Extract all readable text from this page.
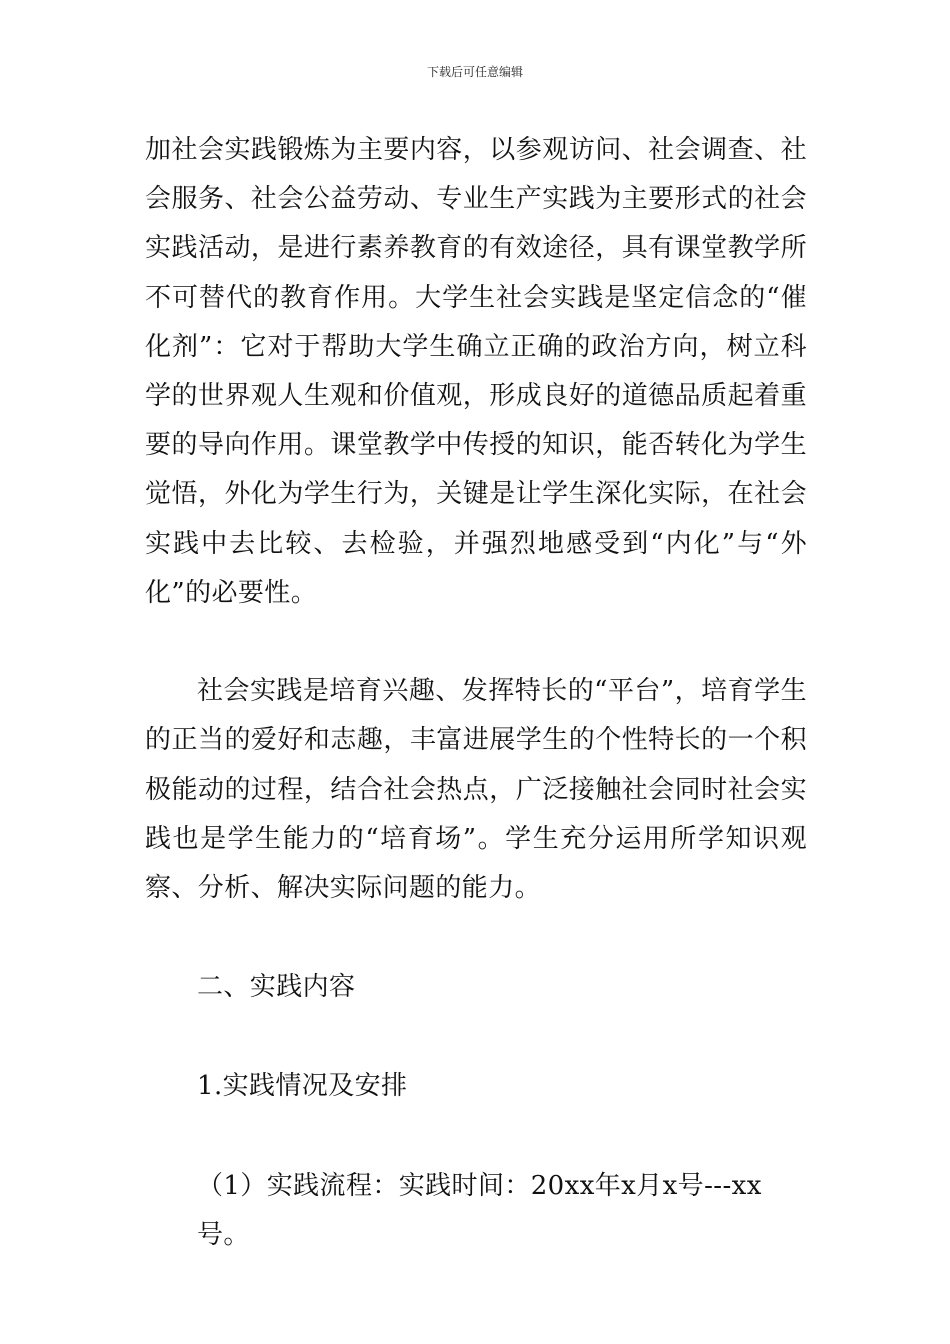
下载后可任意编辑

加社会实践锻炼为主要内容，以参观访问、社会调查、社会服务、社会公益劳动、专业生产实践为主要形式的社会实践活动，是进行素养教育的有效途径，具有课堂教学所不可替代的教育作用。大学生社会实践是坚定信念的“催化剂”：它对于帮助大学生确立正确的政治方向，树立科学的世界观人生观和价值观，形成良好的道德品质起着重要的导向作用。课堂教学中传授的知识，能否转化为学生觉悟，外化为学生行为，关键是让学生深化实际，在社会实践中去比较、去检验，并强烈地感受到“内化”与“外化”的必要性。

社会实践是培育兴趣、发挥特长的“平台”，培育学生的正当的爱好和志趣，丰富进展学生的个性特长的一个积极能动的过程，结合社会热点，广泛接触社会同时社会实践也是学生能力的“培育场”。学生充分运用所学知识观察、分析、解决实际问题的能力。

二、实践内容

1.实践情况及安排

（1）实践流程：实践时间：20xx年x月x号---xx号。
